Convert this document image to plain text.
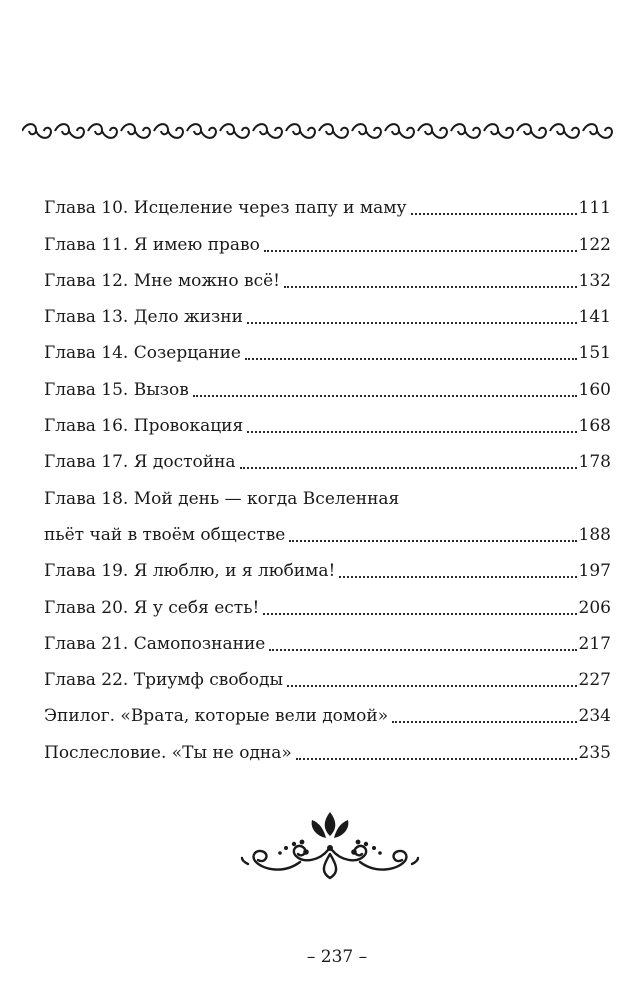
Глава 10. Исцеление через папу и маму	111
Глава 11. Я имею право	122
Глава 12. Мне можно всё!	132
Глава 13. Дело жизни	141
Глава 14. Созерцание	151
Глава 15. Вызов	160
Глава 16. Провокация	168
Глава 17. Я достойна	178
Глава 18. Мой день — когда Вселенная
пьёт чай в твоём обществе	188
Глава 19. Я люблю, и я любима!	197
Глава 20. Я у себя есть!	206
Глава 21. Самопознание	217
Глава 22. Триумф свободы	227
Эпилог. «Врата, которые вели домой»	234
Послесловие. «Ты не одна»	235
– 237 –
